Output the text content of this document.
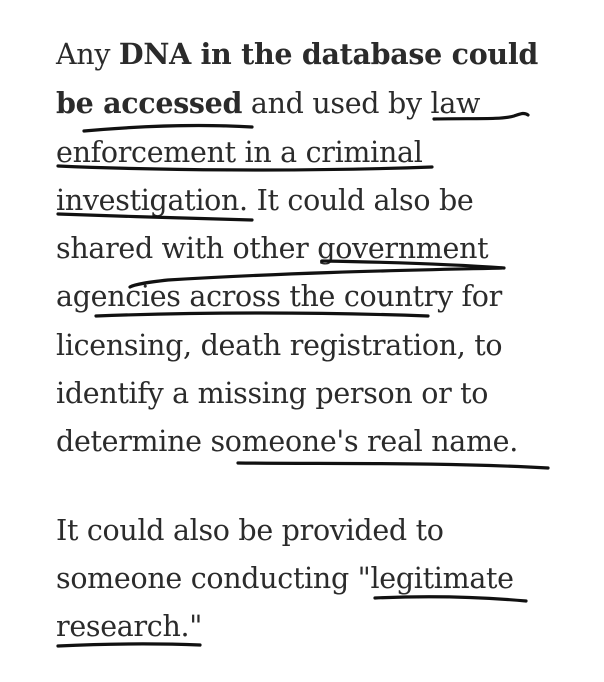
Any DNA in the database could
be accessed and used by law
enforcement in a criminal
investigation. It could also be
shared with other government
agencies across the country for
licensing, death registration, to
identify a missing person or to
determine someone's real name.
It could also be provided to
someone conducting "legitimate
research."
